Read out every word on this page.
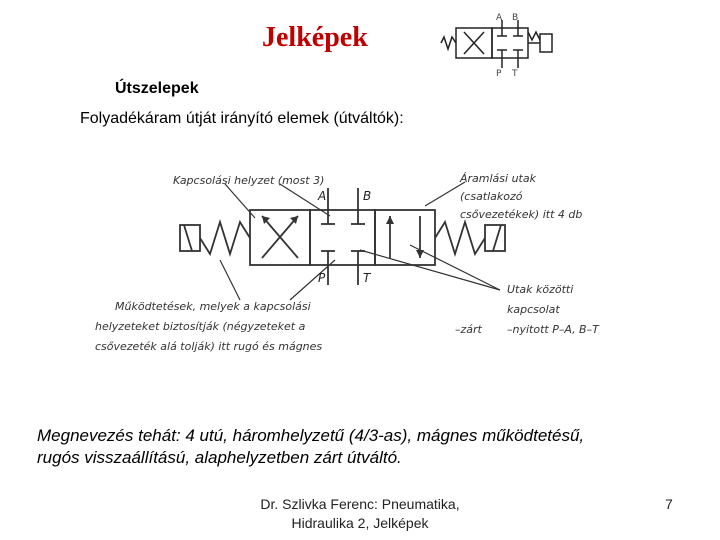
Jelképek
A B
P T
Útszelepek
Folyadékáram útját irányító elemek (útváltók):
A	B
P	T
Kapcsolási helyzet (most 3)	Áramlási utak
(csatlakozó
csővezetékek) itt 4 db
Működtetések, melyek a kapcsolási
helyzeteket biztosítják (négyzeteket a
csővezeték alá tolják) itt rugó és mágnes
Utak közötti
kapcsolat
–zárt –nyitott P–A, B–T
Megnevezés tehát: 4 utú, háromhelyzetű (4/3-as), mágnes működtetésű,
rugós visszaállítású, alaphelyzetben zárt útváltó.
Dr. Szlivka Ferenc: Pneumatika,
Hidraulika 2, Jelképek
7
